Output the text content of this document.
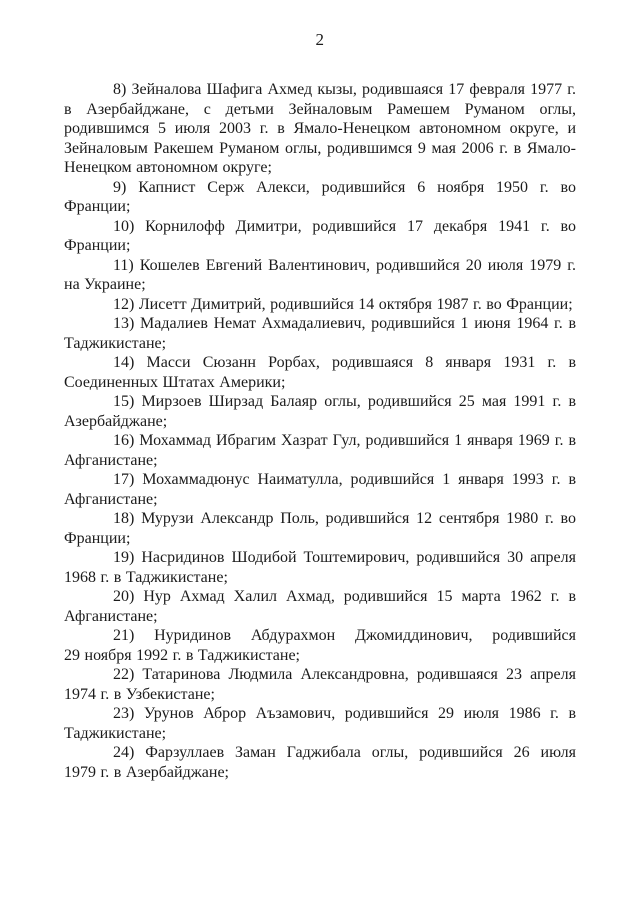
2

8) Зейналова Шафига Ахмед кызы, родившаяся 17 февраля 1977 г. в Азербайджане, с детьми Зейналовым Рамешем Руманом оглы, родившимся 5 июля 2003 г. в Ямало-Ненецком автономном округе, и Зейналовым Ракешем Руманом оглы, родившимся 9 мая 2006 г. в Ямало-Ненецком автономном округе;

9) Капнист Серж Алекси, родившийся 6 ноября 1950 г. во Франции;

10) Корнилофф Димитри, родившийся 17 декабря 1941 г. во Франции;

11) Кошелев Евгений Валентинович, родившийся 20 июля 1979 г. на Украине;

12) Лисетт Димитрий, родившийся 14 октября 1987 г. во Франции;

13) Мадалиев Немат Ахмадалиевич, родившийся 1 июня 1964 г. в Таджикистане;

14) Масси Сюзанн Рорбах, родившаяся 8 января 1931 г. в Соединенных Штатах Америки;

15) Мирзоев Ширзад Балаяр оглы, родившийся 25 мая 1991 г. в Азербайджане;

16) Мохаммад Ибрагим Хазрат Гул, родившийся 1 января 1969 г. в Афганистане;

17) Мохаммадюнус Наиматулла, родившийся 1 января 1993 г. в Афганистане;

18) Мурузи Александр Поль, родившийся 12 сентября 1980 г. во Франции;

19) Насридинов Шодибой Тоштемирович, родившийся 30 апреля 1968 г. в Таджикистане;

20) Нур Ахмад Халил Ахмад, родившийся 15 марта 1962 г. в Афганистане;

21) Нуридинов Абдурахмон Джомиддинович, родившийся 29 ноября 1992 г. в Таджикистане;

22) Татаринова Людмила Александровна, родившаяся 23 апреля 1974 г. в Узбекистане;

23) Урунов Аброр Аъзамович, родившийся 29 июля 1986 г. в Таджикистане;

24) Фарзуллаев Заман Гаджибала оглы, родившийся 26 июля 1979 г. в Азербайджане;
